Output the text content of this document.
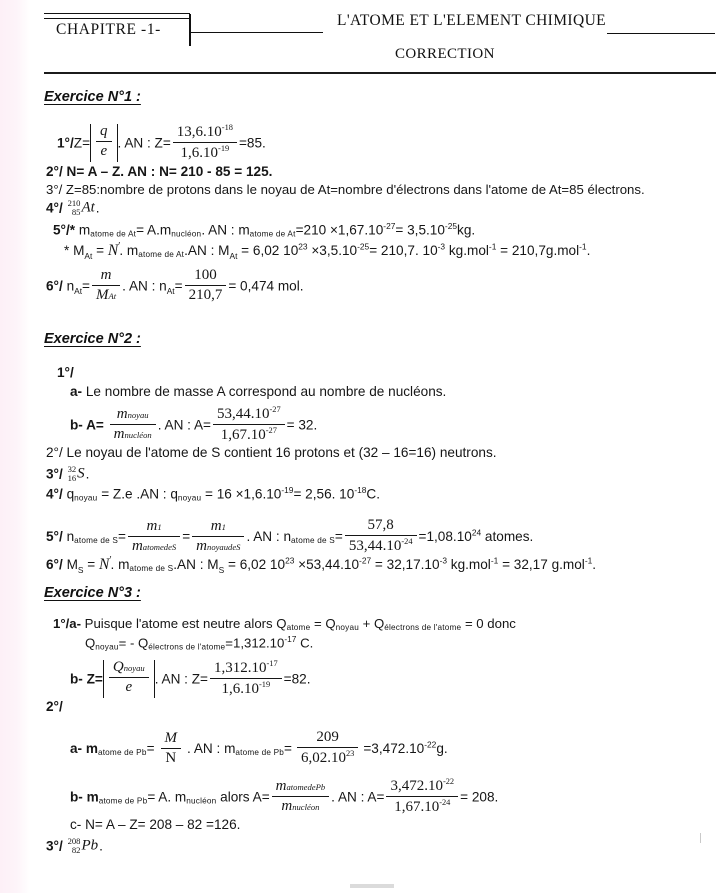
CHAPITRE -1-
L'ATOME ET L'ELEMENT CHIMIQUE
CORRECTION
Exercice N°1 :
$1^\circ/Z= \frac{q}{e}$ . AN : $Z= \frac{13,6.10^{-18}}{1,6.10^{-19}} =85$.
2°/ N= A – Z. AN : N= 210 - 85 = 125.
3°/ Z=85:nombre de protons dans le noyau de At=nombre d'électrons dans l'atome de At=85 électrons.
4°/ 210
85 At.
5°/* matome de At= A.mnucléon. AN : matome de $At=210 \times 1,67.10^{-27}= 3,5.10^{-25}kg$.
* $M_{At} = N$ ′ . matome de At.AN : $M_{At} = 6,02$ $10^{23} \times 3,5.10^{-25}= 210,7$. $10^{-3}$ kg.mol$^{-1}$ = 210,7g.mol$^{-1}$.
6°/ $n_{At}= \frac{m}{\text{MAt}}$ . AN : $n_{At}= \frac{100}{210,7} = 0,474$ mol.
Exercice N°2 :
1°/
a- Le nombre de masse A correspond au nombre de nucléons.
b- $A= \frac{\text{mnoyau}}{\text{mnucléon}}$ . AN : $A= \frac{53,44.10^{-27}}{1,67.10^{-27}} = 32$.
2°/ Le noyau de l'atome de S contient 16 protons et (32 – 16=16) neutrons.
3°/ 32
16 S.
4°/ qnoyau = Z.e .AN : qnoyau = $16 \times 1,6.10^{-19}= 2,56$. $10^{-18}C$.
5°/ natome de $S= \frac{m1}{\text{matomedeS}} = \frac{m1}{\text{mnoyaudeS}}$ . AN : natome de $S= \frac{57,8}{53,44.10^{-24}} =1,08.10^{24}$ atomes.
6°/ $M_S = N$ ′ . matome de S.AN : $M_S = 6,02$ $10^{23} \times 53,44.10^{-27} = 32,17.10^{-3}$ kg.mol$^{-1}$ = 32,17 g.mol$^{-1}$.
Exercice N°3 :
1°/a- Puisque l'atome est neutre alors Qatome = Qnoyau + Qélectrons de l'atome = 0 donc
Qnoyau= - Qélectrons de $l'atome=1,312.10^{-17}$ C.
b- $Z= \frac{\text{Qnoyau}}{e}$ . AN : $Z= \frac{1,312.10^{-17}}{1,6.10^{-19}} =82$.
2°/
a- matome de $Pb= \frac{M}{N}$ . AN : matome de $Pb= \frac{209}{6,02.10^{23}} =3,472.10^{-22}g$.
b- matome de Pb= A. mnucléon alors $A= \frac{\text{matomedePb}}{\text{mnucléon}}$ . AN : $A= \frac{3,472.10^{-22}}{1,67.10^{-24}} = 208$.
c- N= A – Z= 208 – 82 =126.
3°/ 208
82 Pb.
